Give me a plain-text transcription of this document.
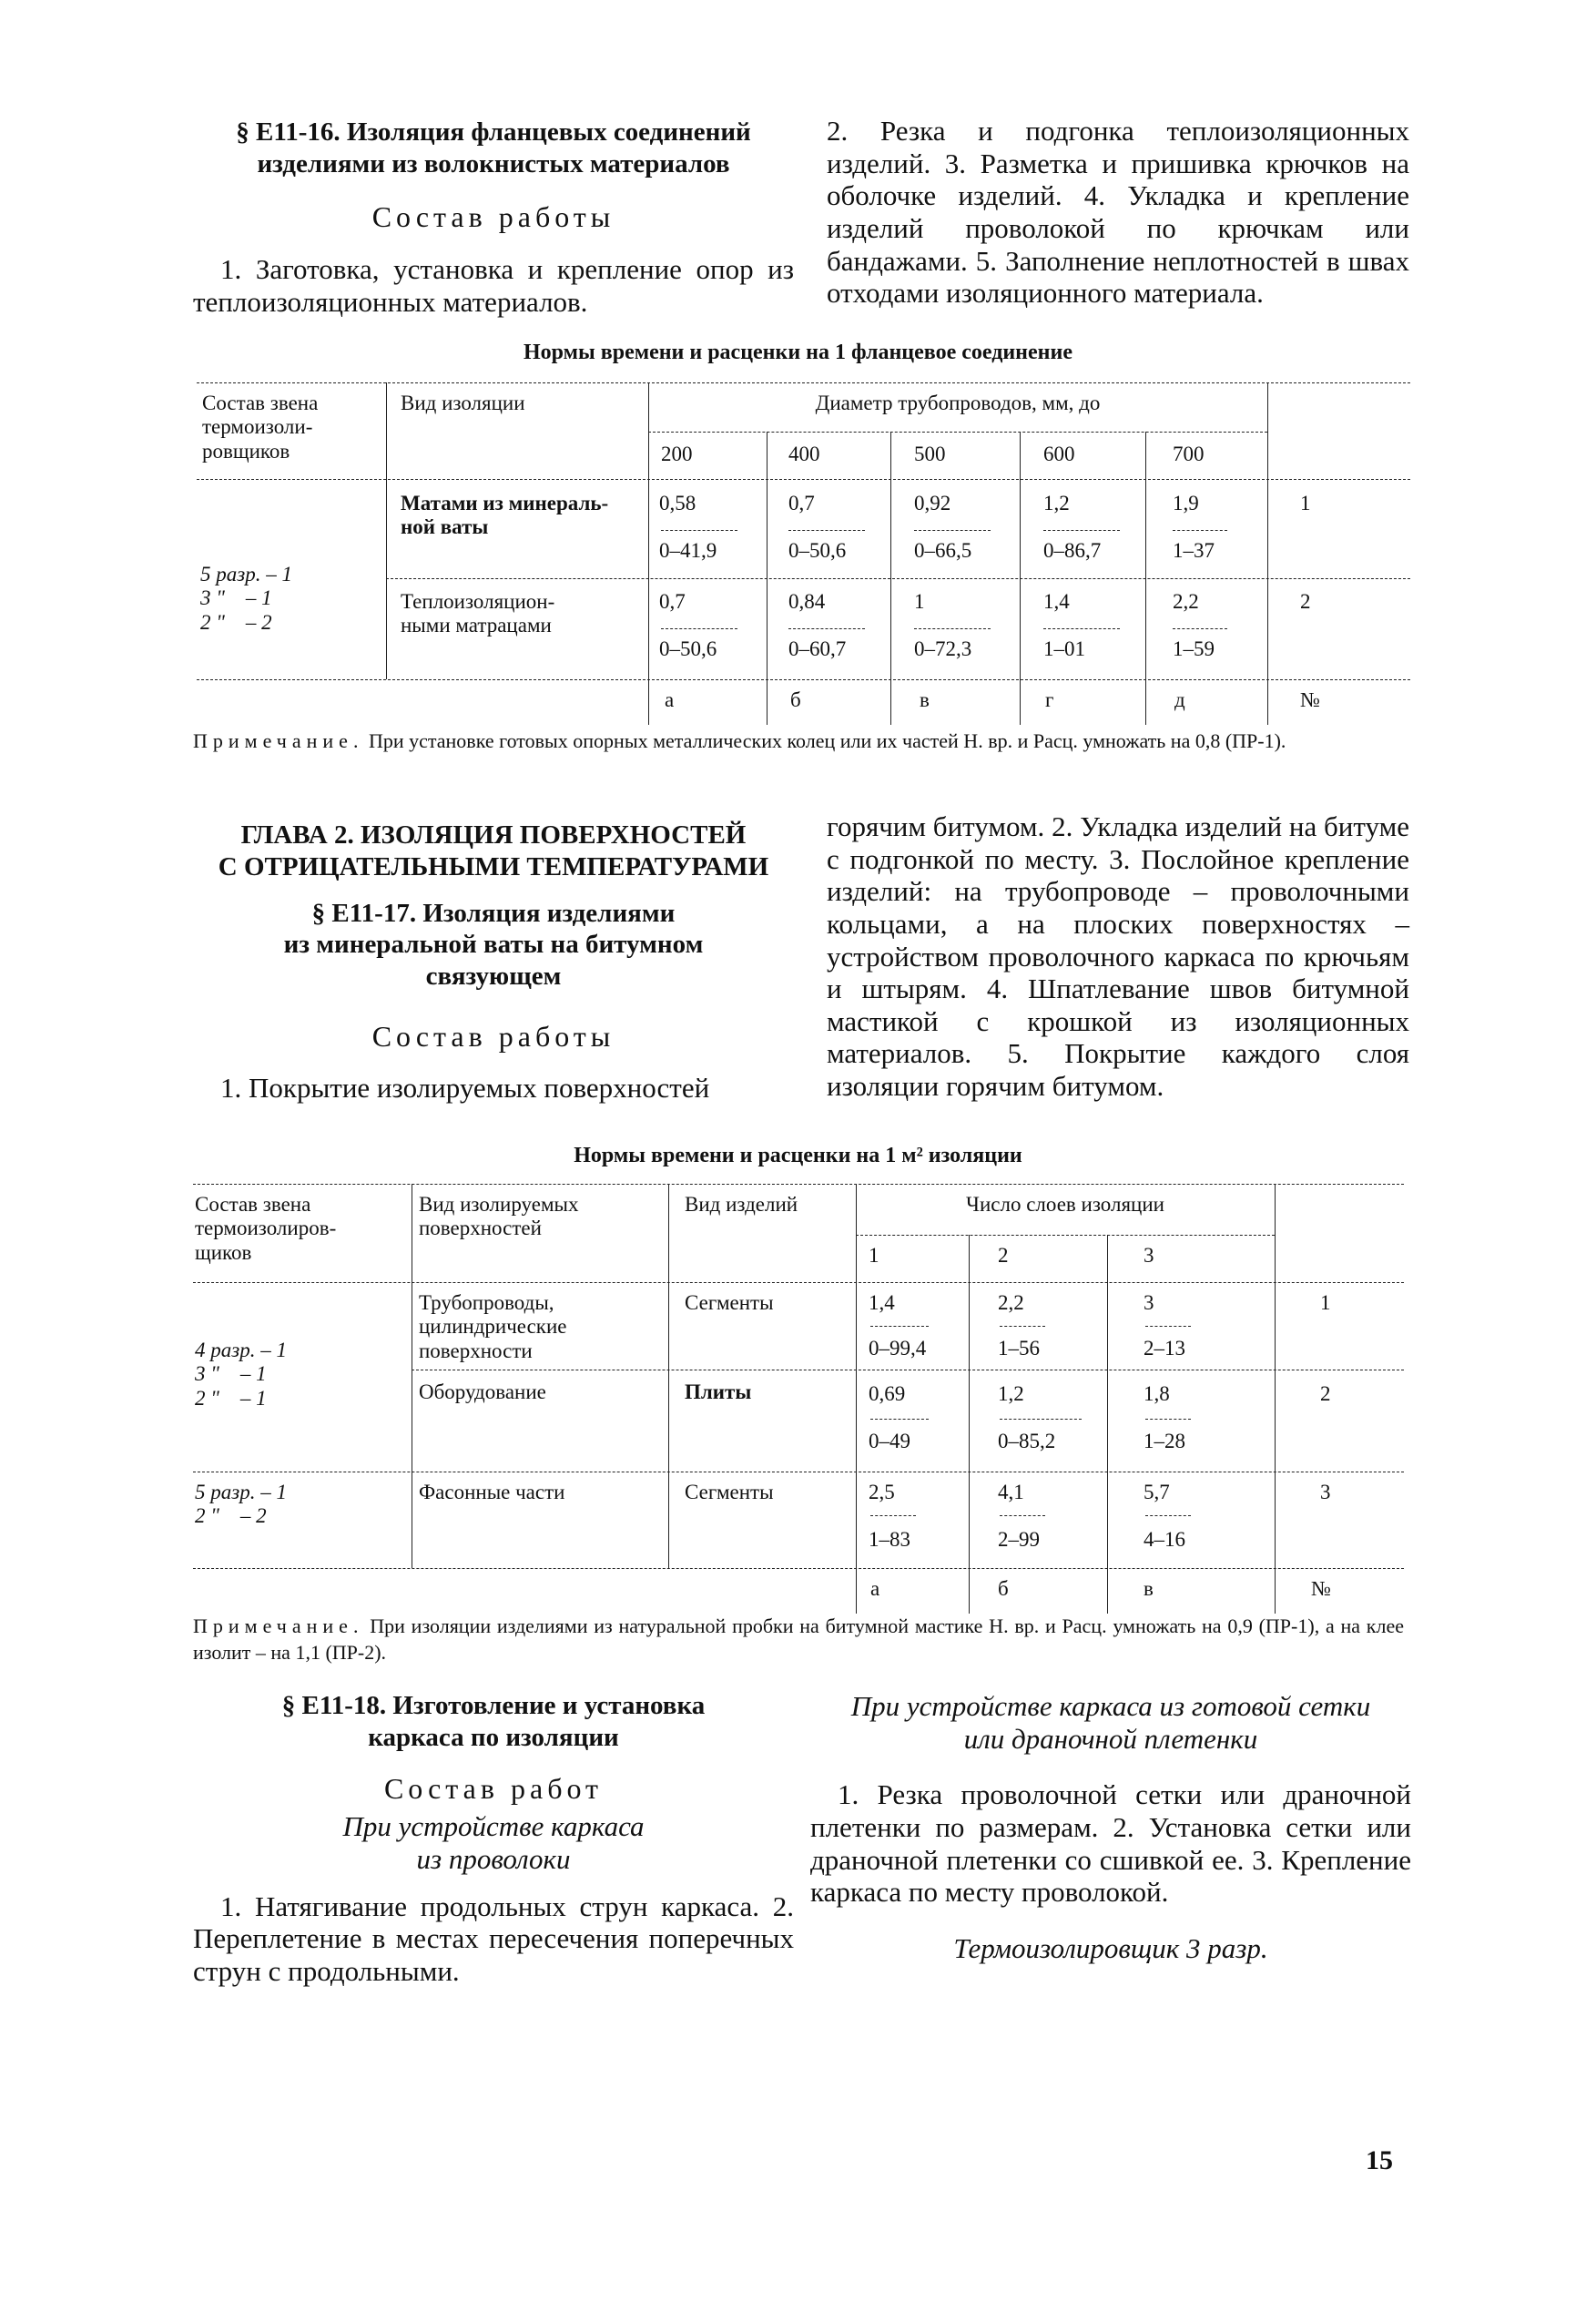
§ Е11-16. Изоляция фланцевых соединений
изделиями из волокнистых материалов
Состав работы
1. Заготовка, установка и крепление опор из теплоизоляционных материалов.
2. Резка и подгонка теплоизоляционных изделий. 3. Разметка и пришивка крючков на оболочке изделий. 4. Укладка и крепление изделий проволокой по крючкам или бандажами. 5. Заполнение неплотностей в швах отходами изоляционного материала.
Нормы времени и расценки на 1 фланцевое соединение
Состав звена
термоизоли-
ровщиков
Вид изоляции	Диаметр трубопроводов, мм, до
200	400	500	600	700
5 разр. – 1
3 "    – 1
2 "    – 2
Матами из минераль-
ной ваты
0,58	0,7	0,92	1,2	1,9
0–41,9	0–50,6	0–66,5	0–86,7	1–37
1
Теплоизоляцион-
ными матрацами
0,7	0,84	1	1,4	2,2
0–50,6	0–60,7	0–72,3	1–01	1–59
2
а	б	в	г	д	№
Примечание. При установке готовых опорных металлических колец или их частей Н. вр. и Расц. умножать на 0,8 (ПР-1).
ГЛАВА 2. ИЗОЛЯЦИЯ ПОВЕРХНОСТЕЙ
С ОТРИЦАТЕЛЬНЫМИ ТЕМПЕРАТУРАМИ
§ Е11-17. Изоляция изделиями
из минеральной ваты на битумном
связующем
Состав работы
1. Покрытие изолируемых поверхностей
горячим битумом. 2. Укладка изделий на битуме с подгонкой по месту. 3. Послойное крепление изделий: на трубопроводе – проволочными кольцами, а на плоских поверхностях – устройством проволочного каркаса по крючьям и штырям. 4. Шпатлевание швов битумной мастикой с крошкой из изоляционных материалов. 5. Покрытие каждого слоя изоляции горячим битумом.
Нормы времени и расценки на 1 м² изоляции
Состав звена
термоизолиров-
щиков
Вид изолируемых
поверхностей
Вид изделий	Число слоев изоляции
1	2	3
4 разр. – 1
3 "    – 1
2 "    – 1
5 разр. – 1
2 "    – 2
Трубопроводы,
цилиндрические
поверхности
Сегменты	1,4	2,2	3
0–99,4	1–56	2–13
1
Оборудование	Плиты	0,69	1,2	1,8
0–49	0–85,2	1–28
2
Фасонные части	Сегменты	2,5	4,1	5,7
1–83	2–99	4–16
3
а	б	в	№
Примечание. При изоляции изделиями из натуральной пробки на битумной мастике Н. вр. и Расц. умножать на 0,9 (ПР-1), а на клее изолит – на 1,1 (ПР-2).
§ Е11-18. Изготовление и установка
каркаса по изоляции
Состав работ
При устройстве каркаса
из проволоки
1. Натягивание продольных струн каркаса. 2. Переплетение в местах пересечения поперечных струн с продольными.
При устройстве каркаса из готовой сетки
или драночной плетенки
1. Резка проволочной сетки или драночной плетенки по размерам. 2. Установка сетки или драночной плетенки со сшивкой ее. 3. Крепление каркаса по месту проволокой.
Термоизолировщик 3 разр.
15
